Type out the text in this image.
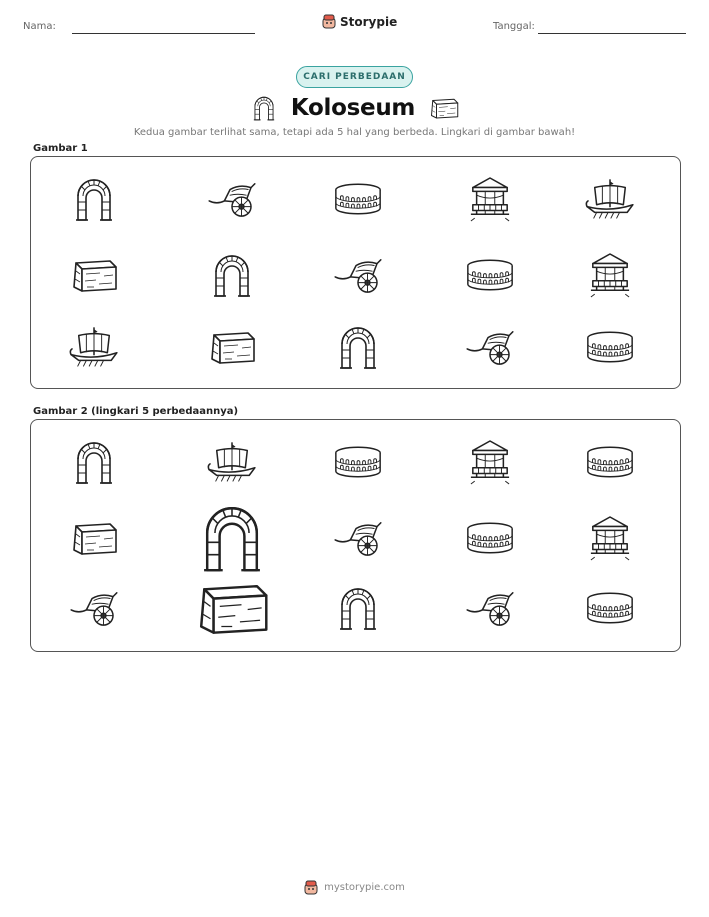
Nama:	Storypie	Tanggal:
CARI PERBEDAAN
Koloseum
Kedua gambar terlihat sama, tetapi ada 5 hal yang berbeda. Lingkari di gambar bawah!
Gambar 1
Gambar 2 (lingkari 5 perbedaannya)
mystorypie.com
